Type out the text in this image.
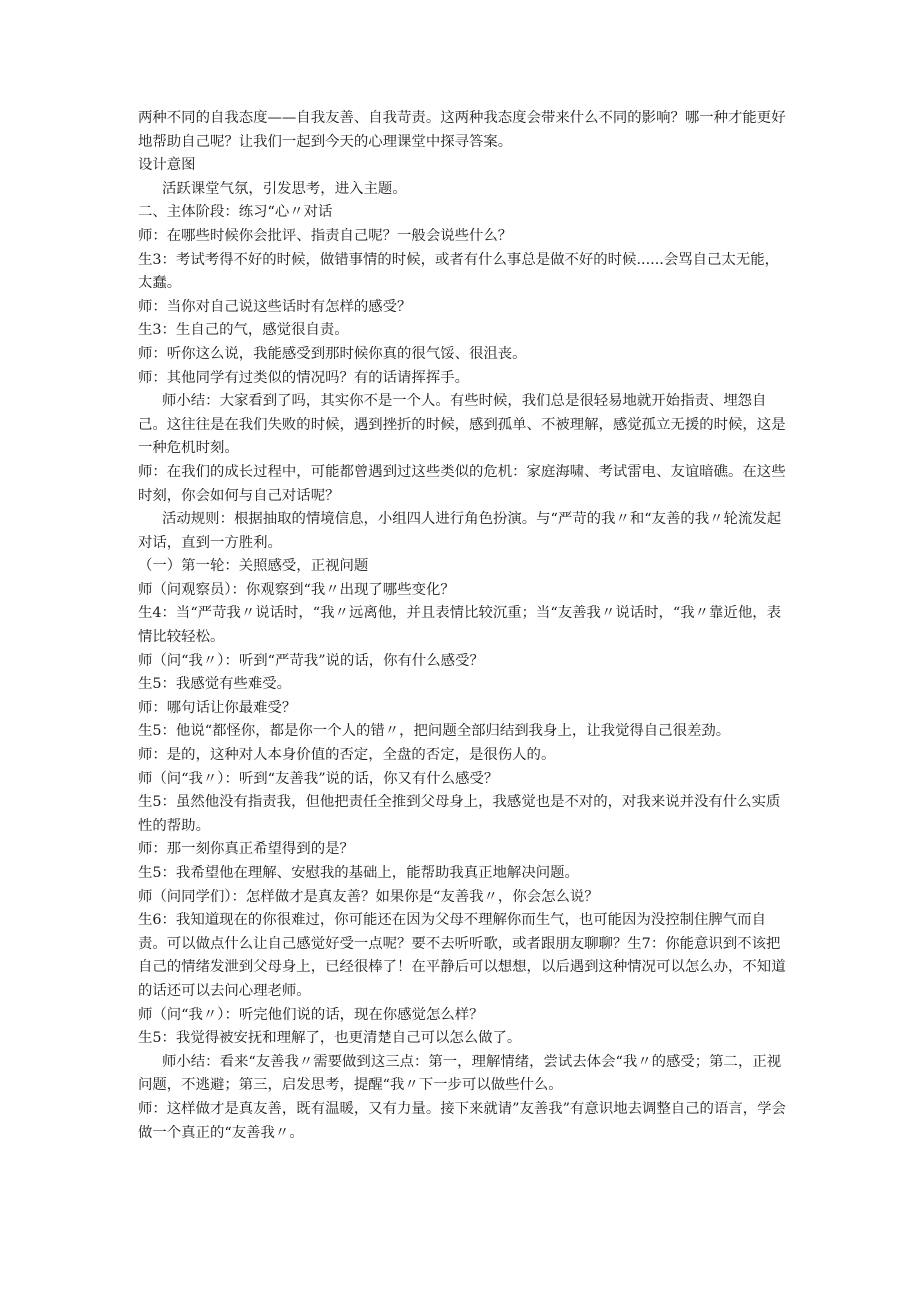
两种不同的自我态度——自我友善、自我苛责。这两种我态度会带来什么不同的影响？哪一种才能更好地帮助自己呢？让我们一起到今天的心理课堂中探寻答案。

设计意图

活跃课堂气氛，引发思考，进入主题。

二、主体阶段：练习“心〃对话

师：在哪些时候你会批评、指责自己呢？一般会说些什么？

生3：考试考得不好的时候，做错事情的时候，或者有什么事总是做不好的时候......会骂自己太无能，太蠢。

师：当你对自己说这些话时有怎样的感受？

生3：生自己的气，感觉很自责。

师：听你这么说，我能感受到那时候你真的很气馁、很沮丧。

师：其他同学有过类似的情况吗？有的话请挥挥手。

师小结：大家看到了吗，其实你不是一个人。有些时候，我们总是很轻易地就开始指责、埋怨自己。这往往是在我们失败的时候，遇到挫折的时候，感到孤单、不被理解，感觉孤立无援的时候，这是一种危机时刻。

师：在我们的成长过程中，可能都曾遇到过这些类似的危机：家庭海啸、考试雷电、友谊暗礁。在这些时刻，你会如何与自己对话呢？

活动规则：根据抽取的情境信息，小组四人进行角色扮演。与“严苛的我〃和“友善的我〃轮流发起对话，直到一方胜利。

（一）第一轮：关照感受，正视问题

师（问观察员）：你观察到“我〃出现了哪些变化？

生4：当“严苛我〃说话时，“我〃远离他，并且表情比较沉重；当“友善我〃说话时，“我〃靠近他，表情比较轻松。

师（问“我〃）：听到“严苛我”说的话，你有什么感受？

生5：我感觉有些难受。

师：哪句话让你最难受？

生5：他说“都怪你，都是你一个人的错〃，把问题全部归结到我身上，让我觉得自己很差劲。

师：是的，这种对人本身价值的否定，全盘的否定，是很伤人的。

师（问“我〃）：听到“友善我”说的话，你又有什么感受？

生5：虽然他没有指责我，但他把责任全推到父母身上，我感觉也是不对的，对我来说并没有什么实质性的帮助。

师：那一刻你真正希望得到的是？

生5：我希望他在理解、安慰我的基础上，能帮助我真正地解决问题。

师（问同学们）：怎样做才是真友善？如果你是“友善我〃，你会怎么说？

生6：我知道现在的你很难过，你可能还在因为父母不理解你而生气，也可能因为没控制住脾气而自责。可以做点什么让自己感觉好受一点呢？要不去听听歌，或者跟朋友聊聊？生7：你能意识到不该把自己的情绪发泄到父母身上，已经很棒了！在平静后可以想想，以后遇到这种情况可以怎么办，不知道的话还可以去问心理老师。

师（问“我〃）：听完他们说的话，现在你感觉怎么样？

生5：我觉得被安抚和理解了，也更清楚自己可以怎么做了。

师小结：看来“友善我〃需要做到这三点：第一，理解情绪，尝试去体会“我〃的感受；第二，正视问题，不逃避；第三，启发思考，提醒“我〃下一步可以做些什么。

师：这样做才是真友善，既有温暖，又有力量。接下来就请”友善我”有意识地去调整自己的语言，学会做一个真正的“友善我〃。
